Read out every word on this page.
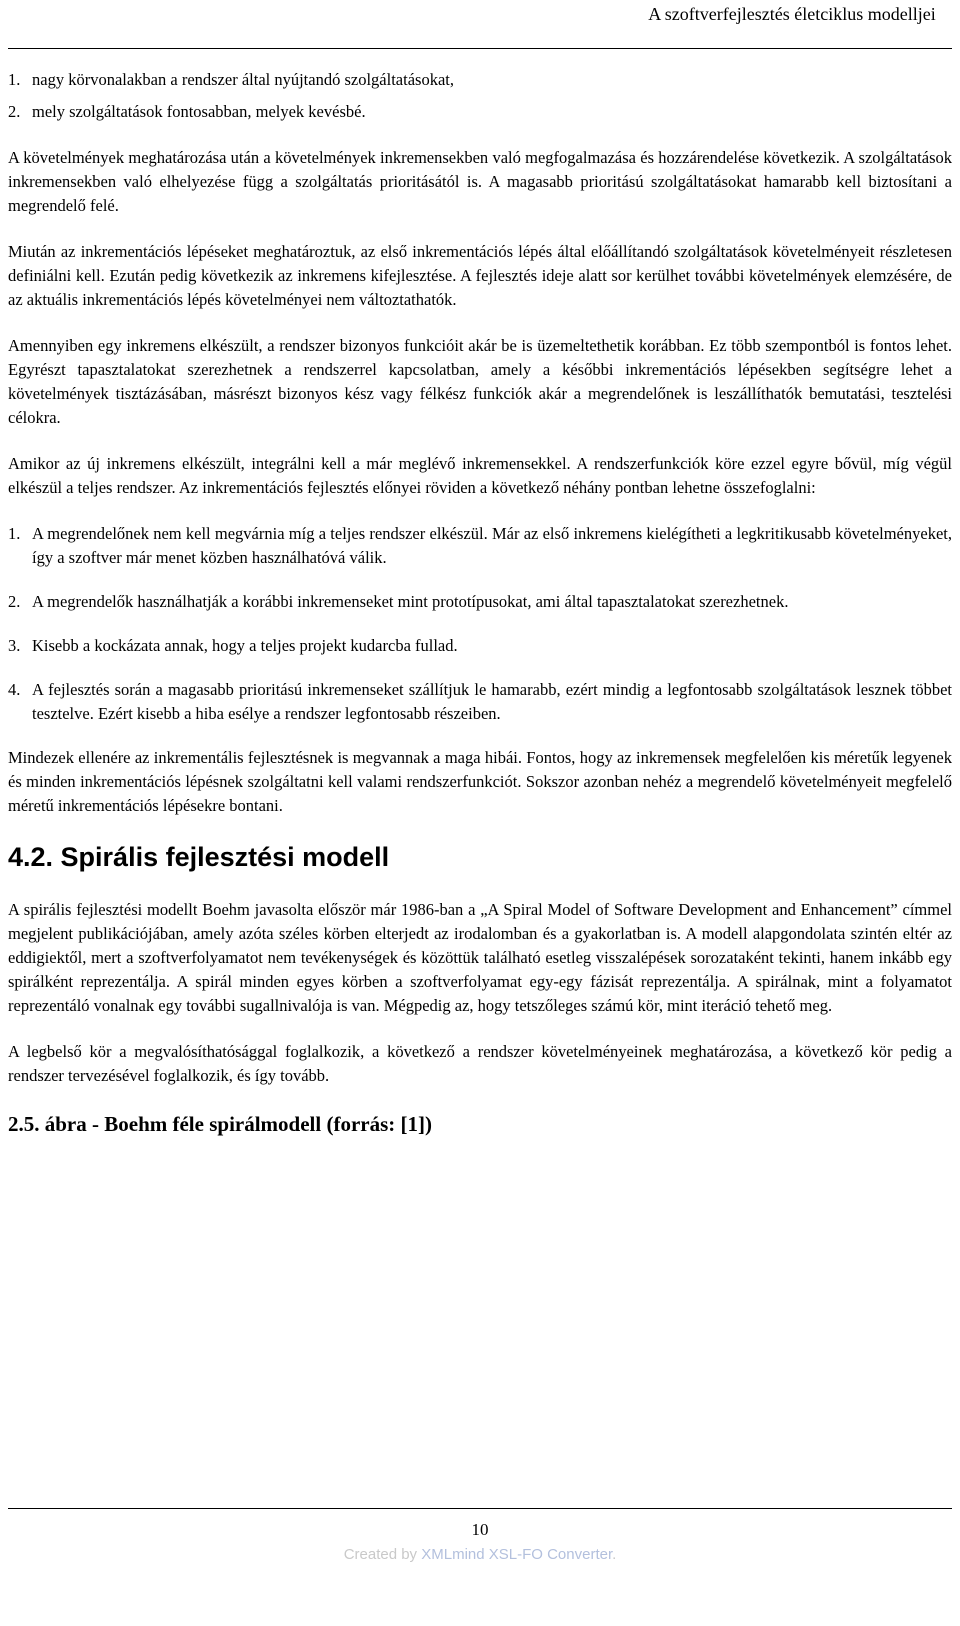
A szoftverfejlesztés életciklus modelljei
1. nagy körvonalakban a rendszer által nyújtandó szolgáltatásokat,
2. mely szolgáltatások fontosabban, melyek kevésbé.

A követelmények meghatározása után a követelmények inkremensekben való megfogalmazása és hozzárendelése következik. A szolgáltatások inkremensekben való elhelyezése függ a szolgáltatás prioritásától is. A magasabb prioritású szolgáltatásokat hamarabb kell biztosítani a megrendelő felé.

Miután az inkrementációs lépéseket meghatároztuk, az első inkrementációs lépés által előállítandó szolgáltatások követelményeit részletesen definiálni kell. Ezután pedig következik az inkremens kifejlesztése. A fejlesztés ideje alatt sor kerülhet további követelmények elemzésére, de az aktuális inkrementációs lépés követelményei nem változtathatók.

Amennyiben egy inkremens elkészült, a rendszer bizonyos funkcióit akár be is üzemeltethetik korábban. Ez több szempontból is fontos lehet. Egyrészt tapasztalatokat szerezhetnek a rendszerrel kapcsolatban, amely a későbbi inkrementációs lépésekben segítségre lehet a követelmények tisztázásában, másrészt bizonyos kész vagy félkész funkciók akár a megrendelőnek is leszállíthatók bemutatási, tesztelési célokra.

Amikor az új inkremens elkészült, integrálni kell a már meglévő inkremensekkel. A rendszerfunkciók köre ezzel egyre bővül, míg végül elkészül a teljes rendszer. Az inkrementációs fejlesztés előnyei röviden a következő néhány pontban lehetne összefoglalni:

1. A megrendelőnek nem kell megvárnia míg a teljes rendszer elkészül. Már az első inkremens kielégítheti a legkritikusabb követelményeket, így a szoftver már menet közben használhatóvá válik.
2. A megrendelők használhatják a korábbi inkremenseket mint prototípusokat, ami által tapasztalatokat szerezhetnek.
3. Kisebb a kockázata annak, hogy a teljes projekt kudarcba fullad.
4. A fejlesztés során a magasabb prioritású inkremenseket szállítjuk le hamarabb, ezért mindig a legfontosabb szolgáltatások lesznek többet tesztelve. Ezért kisebb a hiba esélye a rendszer legfontosabb részeiben.

Mindezek ellenére az inkrementális fejlesztésnek is megvannak a maga hibái. Fontos, hogy az inkremensek megfelelően kis méretűk legyenek és minden inkrementációs lépésnek szolgáltatni kell valami rendszerfunkciót. Sokszor azonban nehéz a megrendelő követelményeit megfelelő méretű inkrementációs lépésekre bontani.

4.2. Spirális fejlesztési modell

A spirális fejlesztési modellt Boehm javasolta először már 1986-ban a „A Spiral Model of Software Development and Enhancement” címmel megjelent publikációjában, amely azóta széles körben elterjedt az irodalomban és a gyakorlatban is. A modell alapgondolata szintén eltér az eddigiektől, mert a szoftverfolyamatot nem tevékenységek és közöttük található esetleg visszalépések sorozataként tekinti, hanem inkább egy spirálként reprezentálja. A spirál minden egyes körben a szoftverfolyamat egy-egy fázisát reprezentálja. A spirálnak, mint a folyamatot reprezentáló vonalnak egy további sugallnivalója is van. Mégpedig az, hogy tetszőleges számú kör, mint iteráció tehető meg.

A legbelső kör a megvalósíthatósággal foglalkozik, a következő a rendszer követelményeinek meghatározása, a következő kör pedig a rendszer tervezésével foglalkozik, és így tovább.

2.5. ábra - Boehm féle spirálmodell (forrás: [1])
10
Created by XMLmind XSL-FO Converter.
